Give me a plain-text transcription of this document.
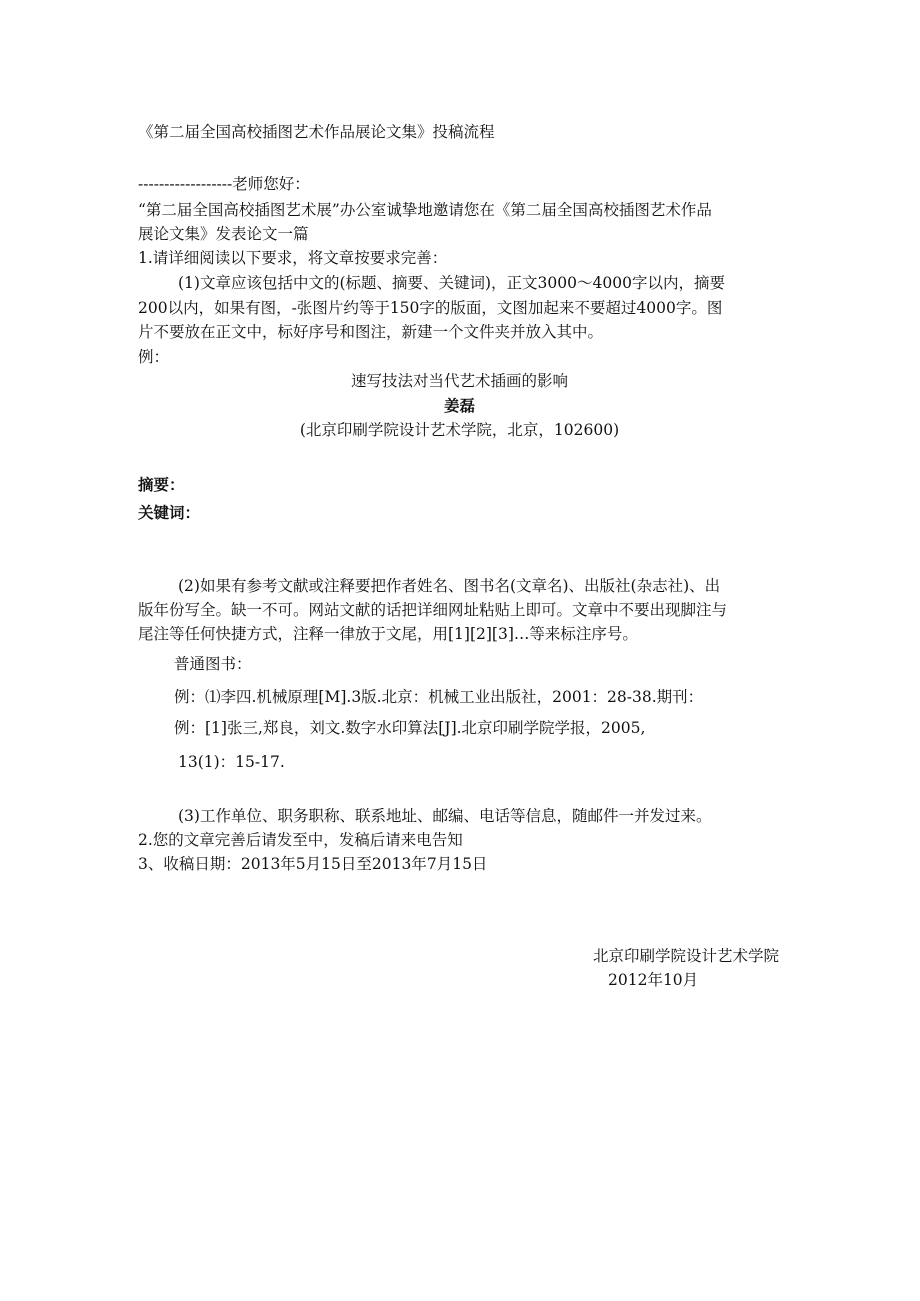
《第二届全国高校插图艺术作品展论文集》投稿流程
------------------老师您好：
“第二届全国高校插图艺术展”办公室诚挚地邀请您在《第二届全国高校插图艺术作品
展论文集》发表论文一篇
1.请详细阅读以下要求，将文章按要求完善：
(1)文章应该包括中文的(标题、摘要、关键词)，正文3000～4000字以内，摘要
200以内，如果有图，-张图片约等于150字的版面，文图加起来不要超过4000字。图
片不要放在正文中，标好序号和图注，新建一个文件夹并放入其中。
例：
速写技法对当代艺术插画的影响
姜磊
(北京印刷学院设计艺术学院，北京，102600)
摘要：
关键词：
(2)如果有参考文献或注释要把作者姓名、图书名(文章名)、出版社(杂志社)、出
版年份写全。缺一不可。网站文献的话把详细网址粘贴上即可。文章中不要出现脚注与
尾注等任何快捷方式，注释一律放于文尾，用[1][2][3]…等来标注序号。
普通图书：
例：⑴李四.机械原理[M].3版.北京：机械工业出版社，2001：28-38.期刊：
例：[1]张三,郑良，刘文.数字水印算法[J].北京印刷学院学报，2005,
13(1)：15-17.
(3)工作单位、职务职称、联系地址、邮编、电话等信息，随邮件一并发过来。
2.您的文章完善后请发至中，发稿后请来电告知
3、收稿日期：2013年5月15日至2013年7月15日
北京印刷学院设计艺术学院
2012年10月
